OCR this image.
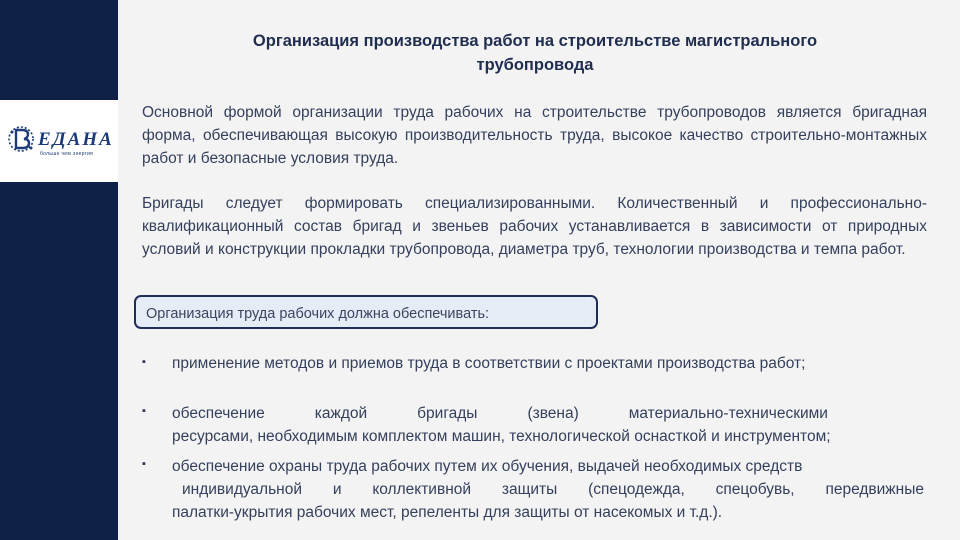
ЕДАНА
больше чем энергия
Организация производства работ на строительстве магистрального
трубопровода
Основной формой организации труда рабочих на строительстве трубопроводов является бригадная форма, обеспечивающая высокую производительность труда, высокое качество строительно-монтажных работ и безопасные условия труда.
Бригады следует формировать специализированными. Количественный и профессионально-квалификационный состав бригад и звеньев рабочих устанавливается в зависимости от природных условий и конструкции прокладки трубопровода, диаметра труб, технологии производства и темпа работ.
Организация труда рабочих должна обеспечивать:
▪ применение методов и приемов труда в соответствии с проектами производства работ;
▪ обеспечение	каждой	бригады	(звена)	материально-техническими
ресурсами, необходимым комплектом машин, технологической оснасткой и инструментом;
▪ обеспечение охраны труда рабочих путем их обучения, выдачей необходимых средств
индивидуальной и коллективной защиты (спецодежда, спецобувь, передвижные
палатки-укрытия рабочих мест, репеленты для защиты от насекомых и т.д.).
